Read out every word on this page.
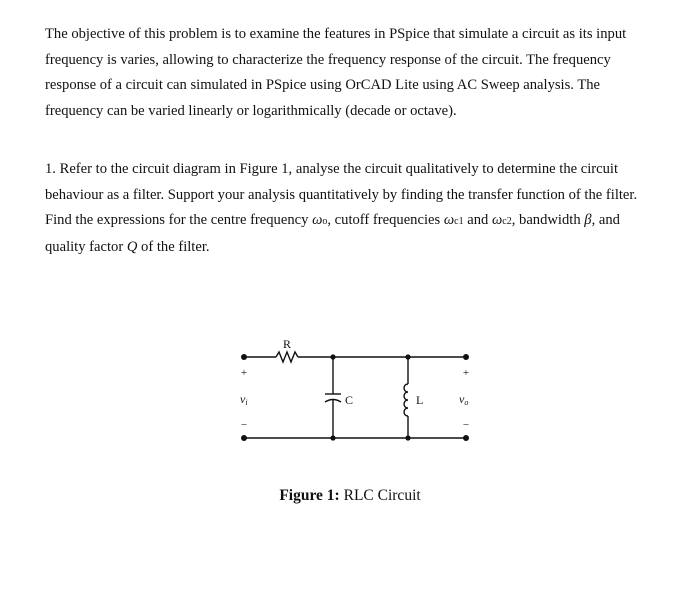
The objective of this problem is to examine the features in PSpice that simulate a circuit as its input frequency is varies, allowing to characterize the frequency response of the circuit. The frequency response of a circuit can simulated in PSpice using OrCAD Lite using AC Sweep analysis. The frequency can be varied linearly or logarithmically (decade or octave).
1. Refer to the circuit diagram in Figure 1, analyse the circuit qualitatively to determine the circuit behaviour as a filter. Support your analysis quantitatively by finding the transfer function of the filter. Find the expressions for the centre frequency ωo, cutoff frequencies ωc1 and ωc2, bandwidth β, and quality factor Q of the filter.
R
C	L
+
−
+
−
vi	vo
Figure 1: RLC Circuit
